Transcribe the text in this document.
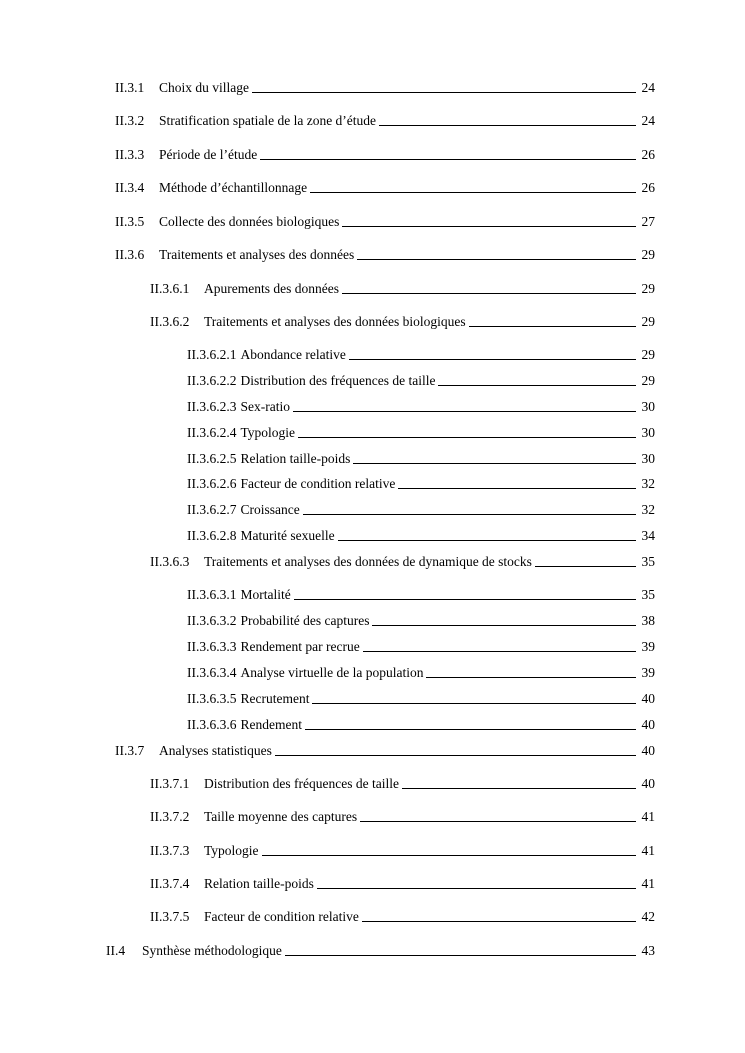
II.3.1	Choix du village	24
II.3.2	Stratification spatiale de la zone d’étude	24
II.3.3	Période de l’étude	26
II.3.4	Méthode d’échantillonnage	26
II.3.5	Collecte des données biologiques	27
II.3.6	Traitements et analyses des données	29
II.3.6.1	Apurements des données	29
II.3.6.2	Traitements et analyses des données biologiques	29
II.3.6.2.1 Abondance relative	29
II.3.6.2.2 Distribution des fréquences de taille	29
II.3.6.2.3 Sex-ratio	30
II.3.6.2.4 Typologie	30
II.3.6.2.5 Relation taille-poids	30
II.3.6.2.6 Facteur de condition relative	32
II.3.6.2.7 Croissance	32
II.3.6.2.8 Maturité sexuelle	34
II.3.6.3	Traitements et analyses des données de dynamique de stocks	35
II.3.6.3.1 Mortalité	35
II.3.6.3.2 Probabilité des captures	38
II.3.6.3.3 Rendement par recrue	39
II.3.6.3.4 Analyse virtuelle de la population	39
II.3.6.3.5 Recrutement	40
II.3.6.3.6 Rendement	40
II.3.7	Analyses statistiques	40
II.3.7.1	Distribution des fréquences de taille	40
II.3.7.2	Taille moyenne des captures	41
II.3.7.3	Typologie	41
II.3.7.4	Relation taille-poids	41
II.3.7.5	Facteur de condition relative	42
II.4	Synthèse méthodologique	43
